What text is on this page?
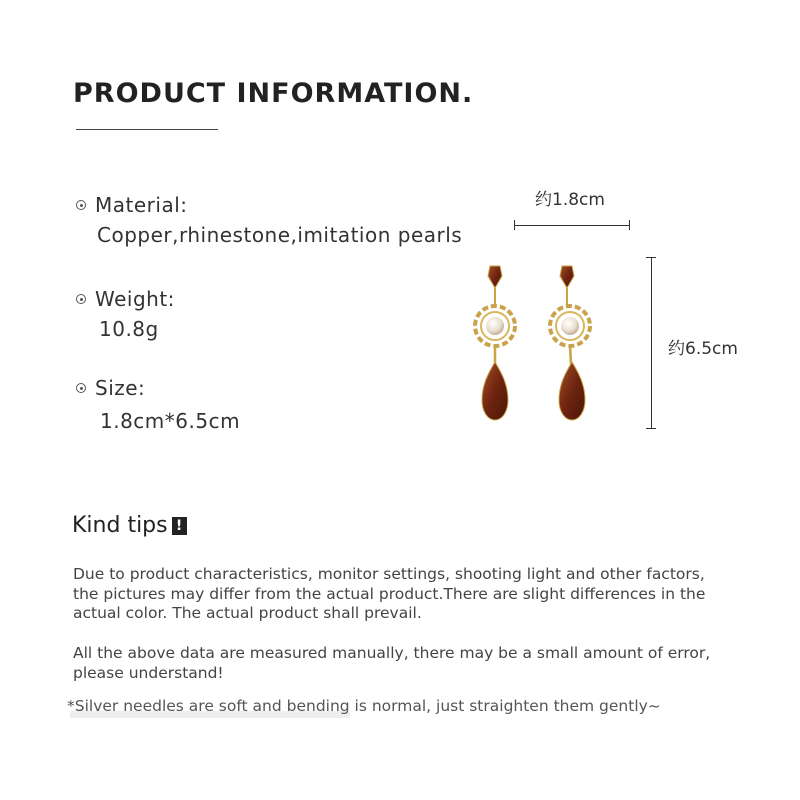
PRODUCT INFORMATION.
Material:
Copper,rhinestone,imitation pearls
Weight:
10.8g
Size:
1.8cm*6.5cm
约1.8cm
约6.5cm
Kind tips !
Due to product characteristics, monitor settings, shooting light and other factors, the pictures may differ from the actual product.There are slight differences in the actual color. The actual product shall prevail.
All the above data are measured manually, there may be a small amount of error, please understand!
*Silver needles are soft and bending is normal, just straighten them gently~
